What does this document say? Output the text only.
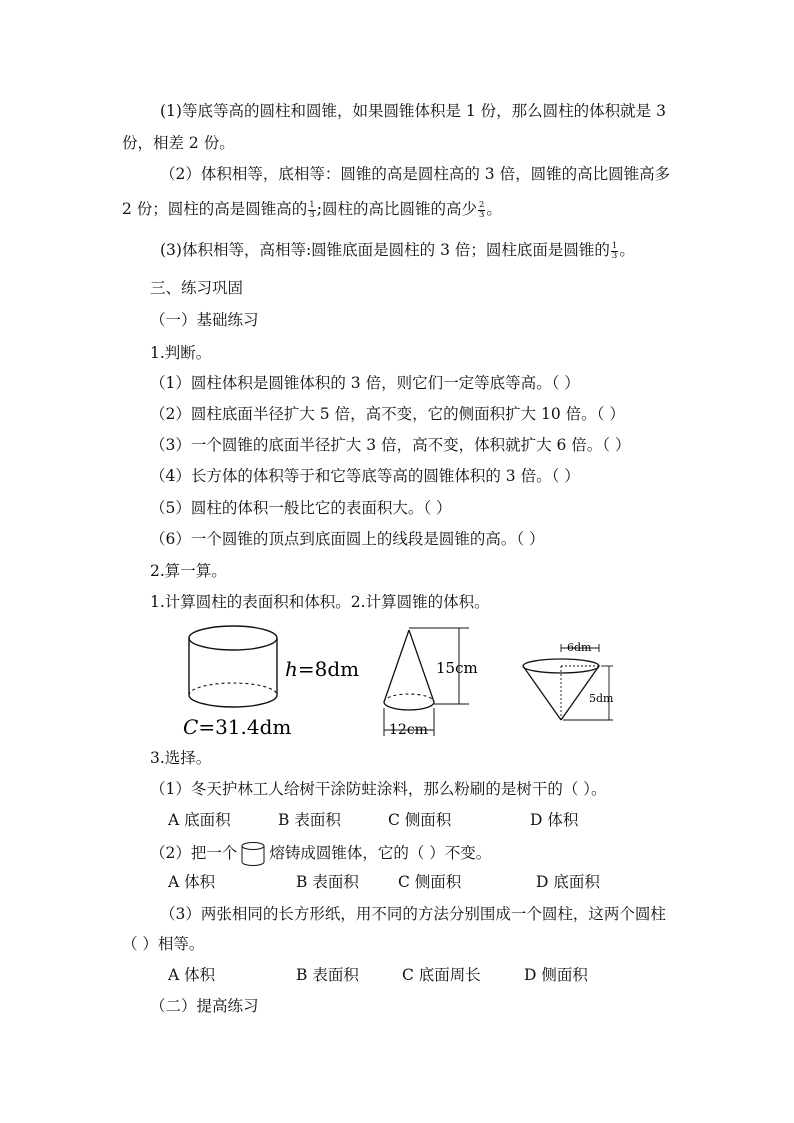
(1)等底等高的圆柱和圆锥，如果圆锥体积是 1 份，那么圆柱的体积就是 3
份，相差 2 份。
（2）体积相等，底相等：圆锥的高是圆柱高的 3 倍，圆锥的高比圆锥高多
2 份；圆柱的高是圆锥高的 $\frac{1}{3}$ ;圆柱的高比圆锥的高少 $\frac{2}{3}$ 。
(3)体积相等，高相等:圆锥底面是圆柱的 3 倍；圆柱底面是圆锥的 $\frac{1}{3}$ 。
三、练习巩固
（一）基础练习
1.判断。
（1）圆柱体积是圆锥体积的 3 倍，则它们一定等底等高。（ ）
（2）圆柱底面半径扩大 5 倍，高不变，它的侧面积扩大 10 倍。（ ）
（3）一个圆锥的底面半径扩大 3 倍，高不变，体积就扩大 6 倍。（ ）
（4）长方体的体积等于和它等底等高的圆锥体积的 3 倍。（ ）
（5）圆柱的体积一般比它的表面积大。（ ）
（6）一个圆锥的顶点到底面圆上的线段是圆锥的高。（ ）
2.算一算。
1.计算圆柱的表面积和体积。2.计算圆锥的体积。
h=8dm
C=31.4dm
15cm
12cm
6dm
5dm
3.选择。
（1）冬天护林工人给树干涂防蛀涂料，那么粉刷的是树干的（ ）。
A 底面积	B 表面积	C 侧面积	D 体积
（2）把一个 熔铸成圆锥体，它的（ ）不变。
A 体积	B 表面积	C 侧面积	D 底面积
（3）两张相同的长方形纸，用不同的方法分别围成一个圆柱，这两个圆柱
（ ）相等。
A 体积	B 表面积	C 底面周长	D 侧面积
（二）提高练习
